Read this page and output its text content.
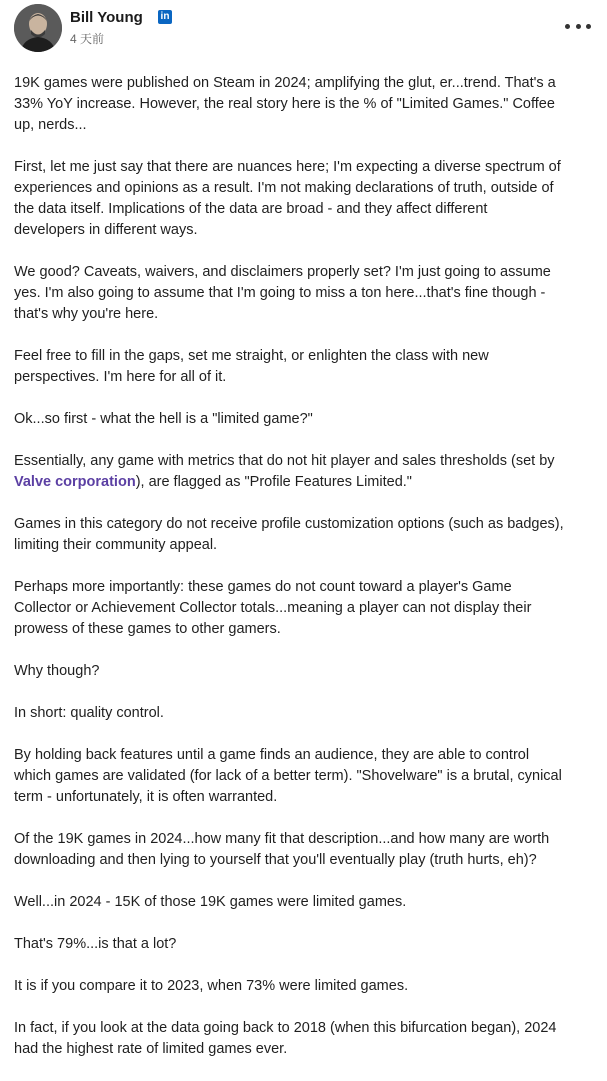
Bill Young in
4 天前

19K games were published on Steam in 2024; amplifying the glut, er...trend. That's a
33% YoY increase. However, the real story here is the % of "Limited Games." Coffee
up, nerds...

First, let me just say that there are nuances here; I'm expecting a diverse spectrum of
experiences and opinions as a result. I'm not making declarations of truth, outside of
the data itself. Implications of the data are broad - and they affect different
developers in different ways.

We good? Caveats, waivers, and disclaimers properly set? I'm just going to assume
yes. I'm also going to assume that I'm going to miss a ton here...that's fine though -
that's why you're here.

Feel free to fill in the gaps, set me straight, or enlighten the class with new
perspectives. I'm here for all of it.

Ok...so first - what the hell is a "limited game?"

Essentially, any game with metrics that do not hit player and sales thresholds (set by
Valve corporation), are flagged as "Profile Features Limited."

Games in this category do not receive profile customization options (such as badges),
limiting their community appeal.

Perhaps more importantly: these games do not count toward a player's Game
Collector or Achievement Collector totals...meaning a player can not display their
prowess of these games to other gamers.

Why though?

In short: quality control.

By holding back features until a game finds an audience, they are able to control
which games are validated (for lack of a better term). "Shovelware" is a brutal, cynical
term - unfortunately, it is often warranted.

Of the 19K games in 2024...how many fit that description...and how many are worth
downloading and then lying to yourself that you'll eventually play (truth hurts, eh)?

Well...in 2024 - 15K of those 19K games were limited games.

That's 79%...is that a lot?

It is if you compare it to 2023, when 73% were limited games.

In fact, if you look at the data going back to 2018 (when this bifurcation began), 2024
had the highest rate of limited games ever.
